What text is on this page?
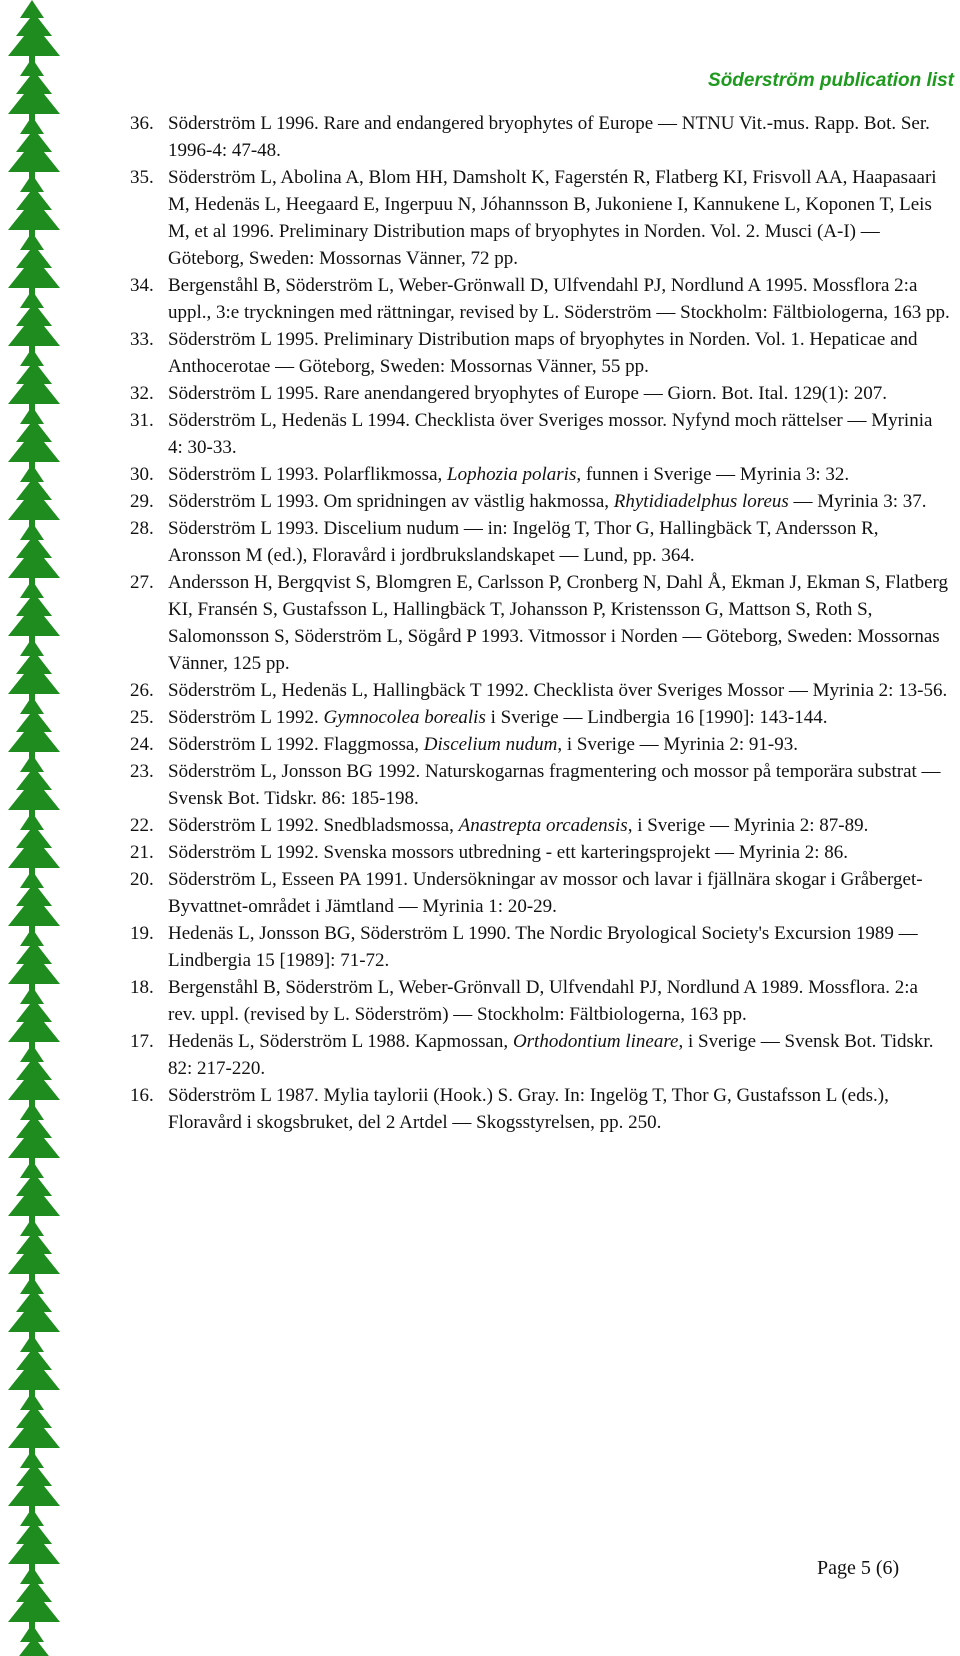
Söderström publication list
36. Söderström L 1996. Rare and endangered bryophytes of Europe — NTNU Vit.-mus. Rapp. Bot. Ser. 1996-4: 47-48.
35. Söderström L, Abolina A, Blom HH, Damsholt K, Fagerstén R, Flatberg KI, Frisvoll AA, Haapasaari M, Hedenäs L, Heegaard E, Ingerpuu N, Jóhannsson B, Jukoniene I, Kannukene L, Koponen T, Leis M, et al 1996. Preliminary Distribution maps of bryophytes in Norden. Vol. 2. Musci (A-I) — Göteborg, Sweden: Mossornas Vänner, 72 pp.
34. Bergenståhl B, Söderström L, Weber-Grönwall D, Ulfvendahl PJ, Nordlund A 1995. Mossflora 2:a uppl., 3:e tryckningen med rättningar, revised by L. Söderström — Stockholm: Fältbiologerna, 163 pp.
33. Söderström L 1995. Preliminary Distribution maps of bryophytes in Norden. Vol. 1. Hepaticae and Anthocerotae — Göteborg, Sweden: Mossornas Vänner, 55 pp.
32. Söderström L 1995. Rare anendangered bryophytes of Europe — Giorn. Bot. Ital. 129(1): 207.
31. Söderström L, Hedenäs L 1994. Checklista över Sveriges mossor. Nyfynd moch rättelser — Myrinia 4: 30-33.
30. Söderström L 1993. Polarflikmossa, Lophozia polaris, funnen i Sverige — Myrinia 3: 32.
29. Söderström L 1993. Om spridningen av västlig hakmossa, Rhytidiadelphus loreus — Myrinia 3: 37.
28. Söderström L 1993. Discelium nudum — in: Ingelög T, Thor G, Hallingbäck T, Andersson R, Aronsson M (ed.), Floravård i jordbrukslandskapet — Lund, pp. 364.
27. Andersson H, Bergqvist S, Blomgren E, Carlsson P, Cronberg N, Dahl Å, Ekman J, Ekman S, Flatberg KI, Fransén S, Gustafsson L, Hallingbäck T, Johansson P, Kristensson G, Mattson S, Roth S, Salomonsson S, Söderström L, Sögård P 1993. Vitmossor i Norden — Göteborg, Sweden: Mossornas Vänner, 125 pp.
26. Söderström L, Hedenäs L, Hallingbäck T 1992. Checklista över Sveriges Mossor — Myrinia 2: 13-56.
25. Söderström L 1992. Gymnocolea borealis i Sverige — Lindbergia 16 [1990]: 143-144.
24. Söderström L 1992. Flaggmossa, Discelium nudum, i Sverige — Myrinia 2: 91-93.
23. Söderström L, Jonsson BG 1992. Naturskogarnas fragmentering och mossor på temporära substrat — Svensk Bot. Tidskr. 86: 185-198.
22. Söderström L 1992. Snedbladsmossa, Anastrepta orcadensis, i Sverige — Myrinia 2: 87-89.
21. Söderström L 1992. Svenska mossors utbredning - ett karteringsprojekt — Myrinia 2: 86.
20. Söderström L, Esseen PA 1991. Undersökningar av mossor och lavar i fjällnära skogar i Gråberget-Byvattnet-området i Jämtland — Myrinia 1: 20-29.
19. Hedenäs L, Jonsson BG, Söderström L 1990. The Nordic Bryological Society's Excursion 1989 — Lindbergia 15 [1989]: 71-72.
18. Bergenståhl B, Söderström L, Weber-Grönvall D, Ulfvendahl PJ, Nordlund A 1989. Mossflora. 2:a rev. uppl. (revised by L. Söderström) — Stockholm: Fältbiologerna, 163 pp.
17. Hedenäs L, Söderström L 1988. Kapmossan, Orthodontium lineare, i Sverige — Svensk Bot. Tidskr. 82: 217-220.
16. Söderström L 1987. Mylia taylorii (Hook.) S. Gray. In: Ingelög T, Thor G, Gustafsson L (eds.), Floravård i skogsbruket, del 2 Artdel — Skogsstyrelsen, pp. 250.
Page 5 (6)
